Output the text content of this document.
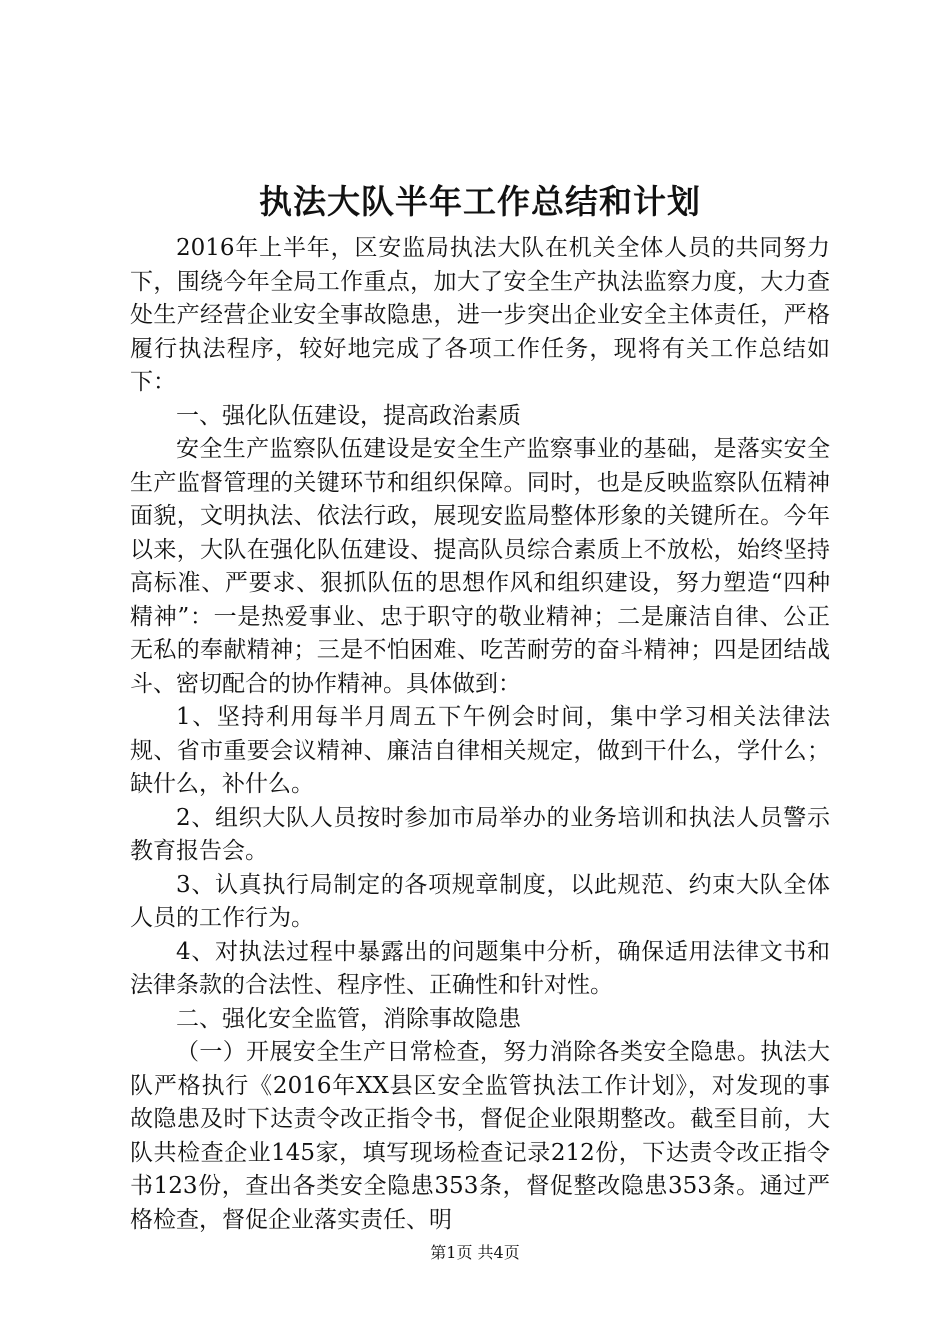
执法大队半年工作总结和计划

2016年上半年，区安监局执法大队在机关全体人员的共同努力下，围绕今年全局工作重点，加大了安全生产执法监察力度，大力查处生产经营企业安全事故隐患，进一步突出企业安全主体责任，严格履行执法程序，较好地完成了各项工作任务，现将有关工作总结如下：

一、强化队伍建设，提高政治素质

安全生产监察队伍建设是安全生产监察事业的基础，是落实安全生产监督管理的关键环节和组织保障。同时，也是反映监察队伍精神面貌，文明执法、依法行政，展现安监局整体形象的关键所在。今年以来，大队在强化队伍建设、提高队员综合素质上不放松，始终坚持高标准、严要求、狠抓队伍的思想作风和组织建设，努力塑造“四种精神”：一是热爱事业、忠于职守的敬业精神；二是廉洁自律、公正无私的奉献精神；三是不怕困难、吃苦耐劳的奋斗精神；四是团结战斗、密切配合的协作精神。具体做到：

1、坚持利用每半月周五下午例会时间，集中学习相关法律法规、省市重要会议精神、廉洁自律相关规定，做到干什么，学什么；缺什么，补什么。

2、组织大队人员按时参加市局举办的业务培训和执法人员警示教育报告会。

3、认真执行局制定的各项规章制度，以此规范、约束大队全体人员的工作行为。

4、对执法过程中暴露出的问题集中分析，确保适用法律文书和法律条款的合法性、程序性、正确性和针对性。

二、强化安全监管，消除事故隐患

（一）开展安全生产日常检查，努力消除各类安全隐患。执法大队严格执行《2016年XX县区安全监管执法工作计划》，对发现的事故隐患及时下达责令改正指令书，督促企业限期整改。截至目前，大队共检查企业145家，填写现场检查记录212份，下达责令改正指令书123份，查出各类安全隐患353条，督促整改隐患353条。通过严格检查，督促企业落实责任、明

第1页 共4页
